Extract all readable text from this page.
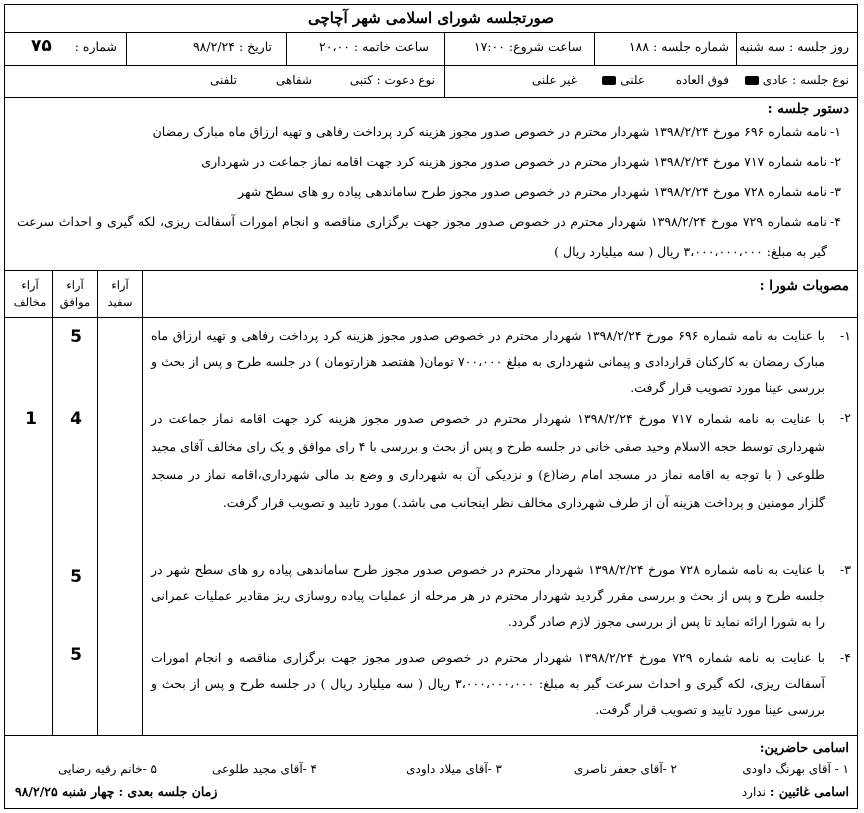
صورتجلسه شورای اسلامی شهر آچاچی
روز جلسه : سه شنبه
شماره جلسه : ۱۸۸
ساعت شروع: ۱۷:۰۰
ساعت خاتمه : ۲۰،۰۰
تاریخ : ۹۸/۲/۲۴
شماره :
۷۵
نوع جلسه : عادی
فوق العاده
علنی
غیر علنی
نوع دعوت : کتبی
شفاهی
تلفنی
دستور جلسه :
۱-
نامه شماره ۶۹۶ مورخ ۱۳۹۸/۲/۲۴ شهردار محترم در خصوص صدور مجوز هزینه کرد پرداخت رفاهی و تهیه ارزاق ماه مبارک رمضان
۲-
نامه شماره ۷۱۷ مورخ ۱۳۹۸/۲/۲۴ شهردار محترم در خصوص صدور مجوز هزینه کرد جهت اقامه نماز جماعت در شهرداری
۳-
نامه شماره ۷۲۸ مورخ ۱۳۹۸/۲/۲۴ شهردار محترم در خصوص صدور مجوز طرح ساماندهی پیاده رو های سطح شهر
۴-
نامه شماره ۷۲۹ مورخ ۱۳۹۸/۲/۲۴ شهردار محترم در خصوص صدور مجوز جهت برگزاری مناقصه و انجام امورات آسفالت ریزی، لکه گیری و احداث سرعت گیر به مبلغ: ۳،۰۰۰،۰۰۰،۰۰۰ ریال ( سه میلیارد ریال )
مصوبات شورا :
آراء سفید
آراء موافق
آراء مخالف
۱-
با عنایت به نامه شماره ۶۹۶ مورخ ۱۳۹۸/۲/۲۴ شهردار محترم در خصوص صدور مجوز هزینه کرد پرداخت رفاهی و تهیه ارزاق ماه مبارک رمضان به کارکنان قراردادی و پیمانی شهرداری به مبلغ ۷۰۰،۰۰۰ تومان( هفتصد هزارتومان ) در جلسه طرح و پس از بحث و بررسی عینا مورد تصویب قرار گرفت.
5
۲-
با عنایت به نامه شماره ۷۱۷ مورخ ۱۳۹۸/۲/۲۴ شهردار محترم در خصوص صدور مجوز هزینه کرد جهت اقامه نماز جماعت در شهرداری توسط حجه الاسلام وحید صفی خانی در جلسه طرح و پس از بحث و بررسی با ۴ رای موافق و یک رای مخالف آقای مجید طلوعی ( با توجه به اقامه نماز در مسجد امام رضا(ع) و نزدیکی آن به شهرداری و وضع بد مالی شهرداری،اقامه نماز در مسجد گلزار مومنین و پرداخت هزینه آن از طرف شهرداری مخالف نظر اینجانب می باشد.) مورد تایید و تصویب قرار گرفت.
4
1
۳-
با عنایت به نامه شماره ۷۲۸ مورخ ۱۳۹۸/۲/۲۴ شهردار محترم در خصوص صدور مجوز طرح ساماندهی پیاده رو های سطح شهر در جلسه طرح و پس از بحث و بررسی مقرر گردید شهردار محترم در هر مرحله از عملیات پیاده روسازی ریز مقادیر عملیات عمرانی را به شورا ارائه نماید تا پس از بررسی مجوز لازم صادر گردد.
5
۴-
با عنایت به نامه شماره ۷۲۹ مورخ ۱۳۹۸/۲/۲۴ شهردار محترم در خصوص صدور مجوز جهت برگزاری مناقصه و انجام امورات آسفالت ریزی، لکه گیری و احداث سرعت گیر به مبلغ: ۳،۰۰۰،۰۰۰،۰۰۰ ریال ( سه میلیارد ریال ) در جلسه طرح و پس از بحث و بررسی عینا مورد تایید و تصویب قرار گرفت.
5
اسامی حاضرین:
۱ - آقای بهرنگ داودی
۲ -آقای جعفر ناصری
۳ -آقای میلاد داودی
۴ -آقای مجید طلوعی
۵ -خانم رقیه رضایی
اسامی غائبین : ندارد
زمان جلسه بعدی : چهار شنبه ۹۸/۲/۲۵
